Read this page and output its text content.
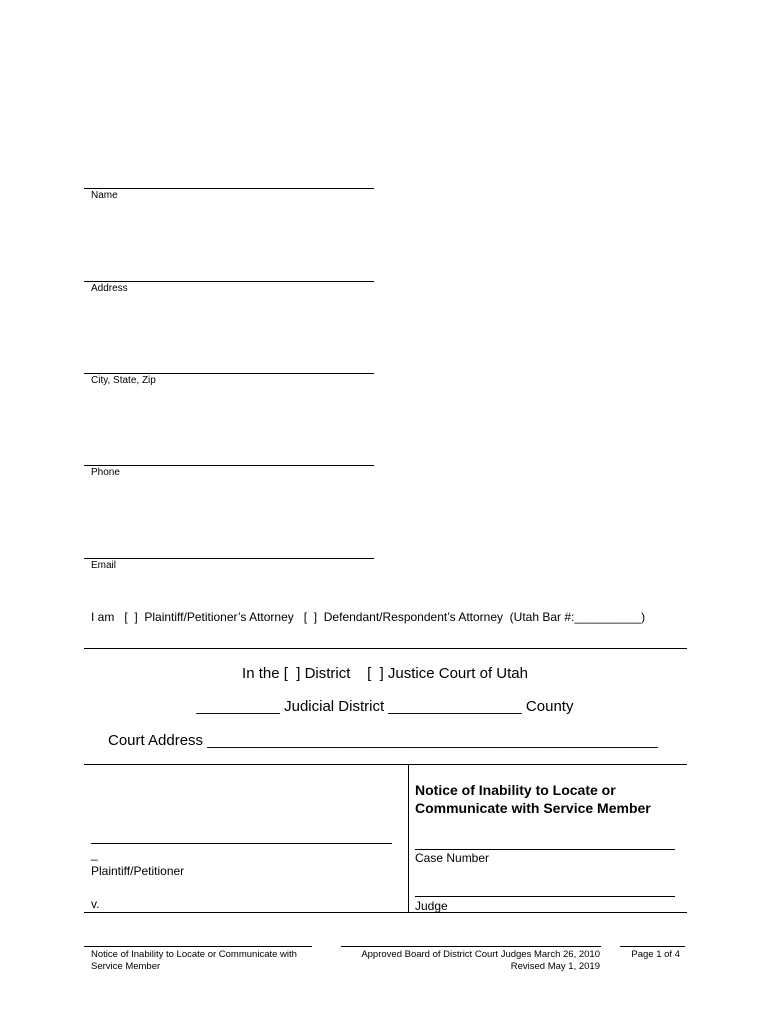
Name
Address
City, State, Zip
Phone
Email
I am   [  ]  Plaintiff/Petitioner’s Attorney   [  ]  Defendant/Respondent’s Attorney  (Utah Bar #:__________)
In the [  ] District    [  ] Justice Court of Utah
__________ Judicial District ________________ County
Court Address ______________________________________________________
Notice of Inability to Locate or
Communicate with Service Member
_
Plaintiff/Petitioner
v.
Case Number
Judge
Notice of Inability to Locate or Communicate with
Service Member
Approved Board of District Court Judges March 26, 2010
Revised May 1, 2019
Page 1 of 4
